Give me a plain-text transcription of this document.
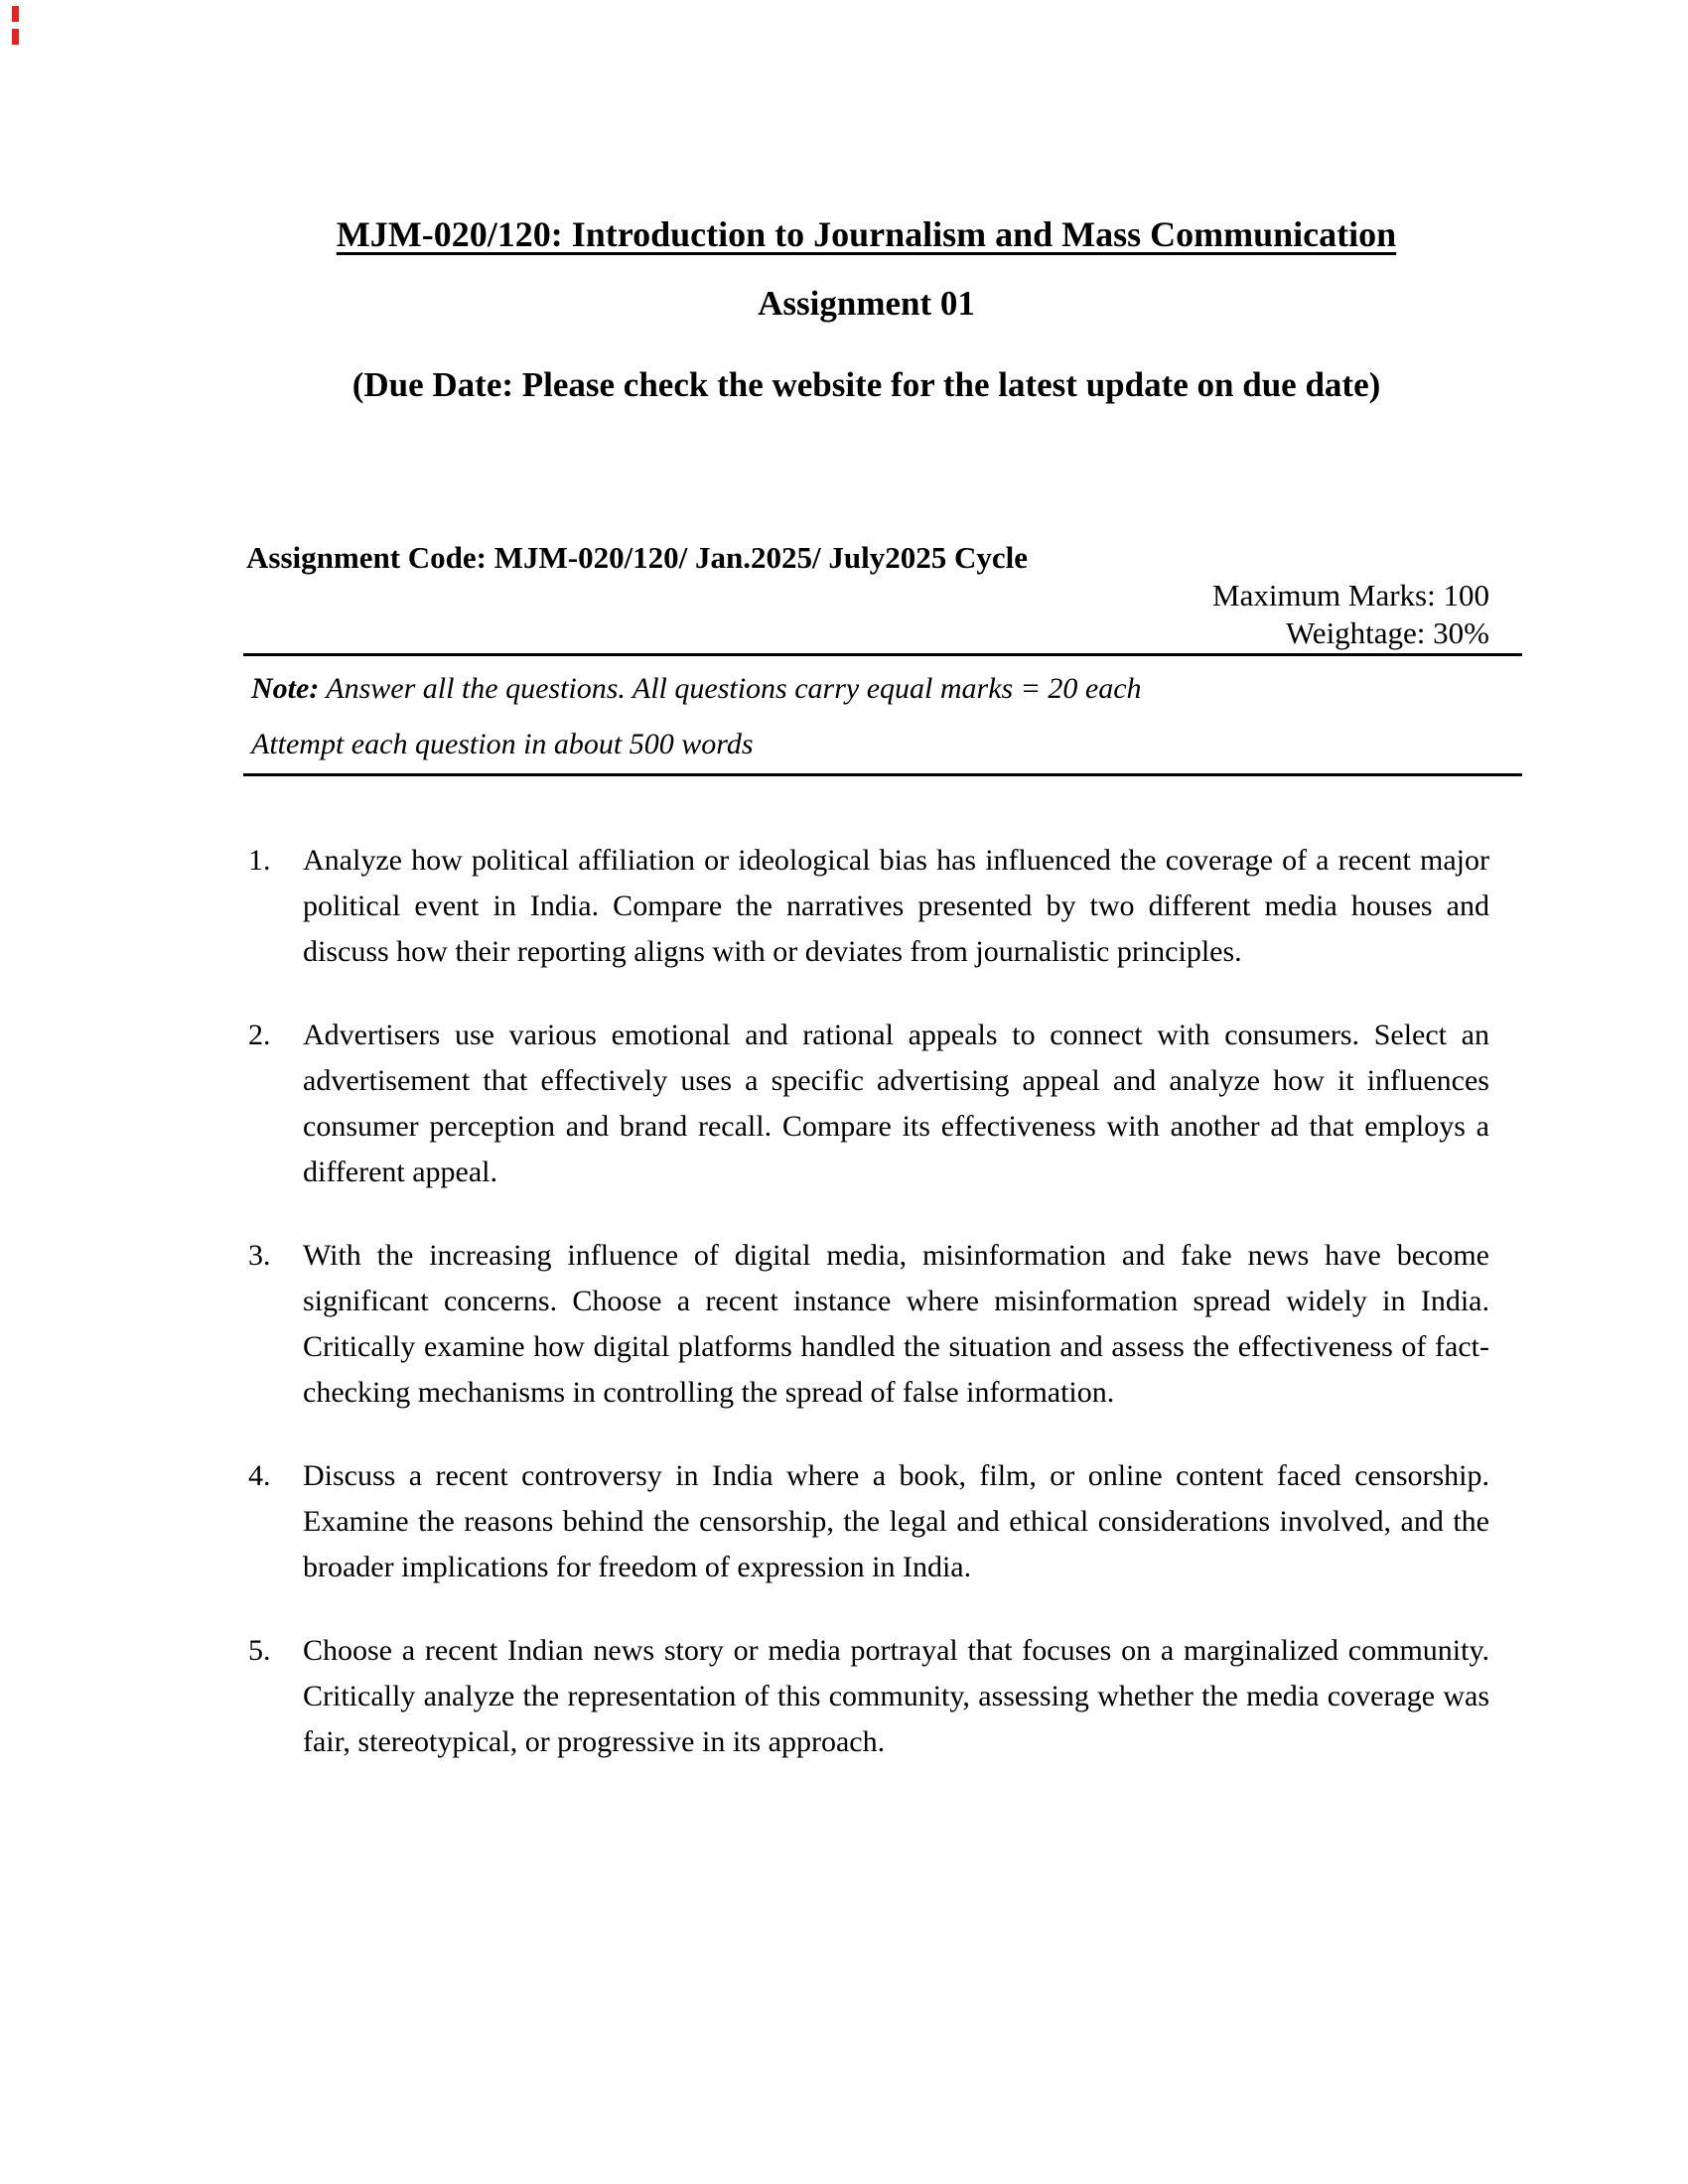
MJM-020/120: Introduction to Journalism and Mass Communication
Assignment 01
(Due Date: Please check the website for the latest update on due date)
Assignment Code: MJM-020/120/ Jan.2025/ July2025 Cycle
Maximum Marks: 100
Weightage: 30%

Note: Answer all the questions. All questions carry equal marks = 20 each

Attempt each question in about 500 words

1.	Analyze how political affiliation or ideological bias has influenced the coverage of a recent major political event in India. Compare the narratives presented by two different media houses and discuss how their reporting aligns with or deviates from journalistic principles.
2.	Advertisers use various emotional and rational appeals to connect with consumers. Select an advertisement that effectively uses a specific advertising appeal and analyze how it influences consumer perception and brand recall. Compare its effectiveness with another ad that employs a different appeal.
3.	With the increasing influence of digital media, misinformation and fake news have become significant concerns. Choose a recent instance where misinformation spread widely in India. Critically examine how digital platforms handled the situation and assess the effectiveness of fact-checking mechanisms in controlling the spread of false information.
4.	Discuss a recent controversy in India where a book, film, or online content faced censorship. Examine the reasons behind the censorship, the legal and ethical considerations involved, and the broader implications for freedom of expression in India.
5.	Choose a recent Indian news story or media portrayal that focuses on a marginalized community. Critically analyze the representation of this community, assessing whether the media coverage was fair, stereotypical, or progressive in its approach.
